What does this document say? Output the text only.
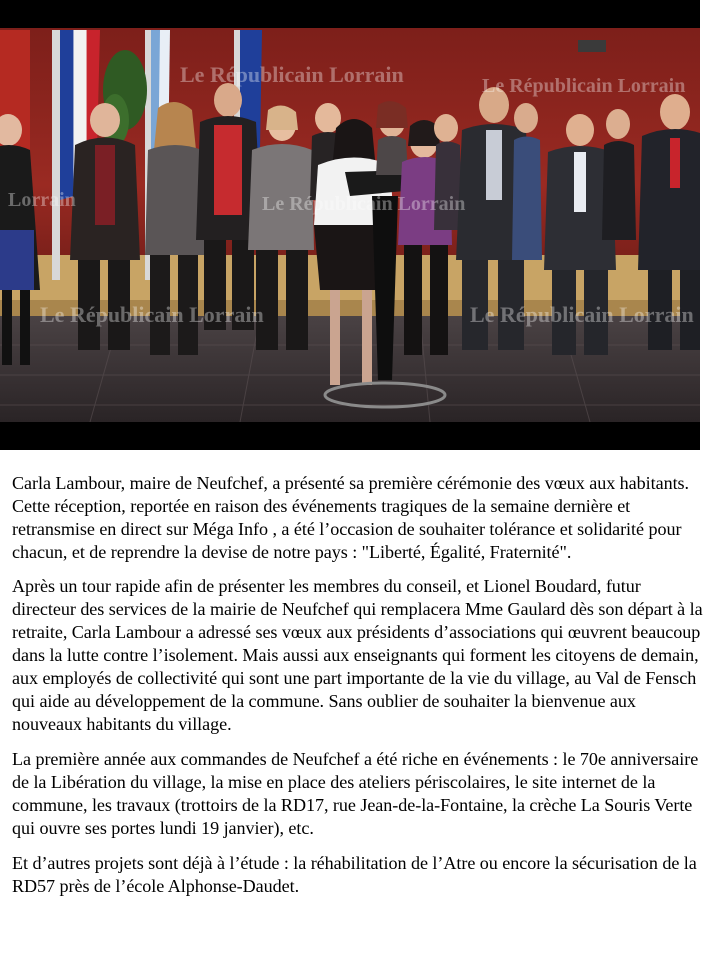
Le Républicain Lorrain	Le Républicain Lorrain
Lorrain	Le Républicain Lorrain
Le Républicain Lorrain	Le Républicain Lorrain

Carla Lambour, maire de Neufchef, a présenté sa première cérémonie des vœux aux habitants. Cette réception, reportée en raison des événements tragiques de la semaine dernière et retransmise en direct sur Méga Info , a été l’occasion de souhaiter tolérance et solidarité pour chacun, et de reprendre la devise de notre pays : "Liberté, Égalité, Fraternité".

Après un tour rapide afin de présenter les membres du conseil, et Lionel Boudard, futur directeur des services de la mairie de Neufchef qui remplacera Mme Gaulard dès son départ à la retraite, Carla Lambour a adressé ses vœux aux présidents d’associations qui œuvrent beaucoup dans la lutte contre l’isolement. Mais aussi aux enseignants qui forment les citoyens de demain, aux employés de collectivité qui sont une part importante de la vie du village, au Val de Fensch qui aide au développement de la commune. Sans oublier de souhaiter la bienvenue aux nouveaux habitants du village.

La première année aux commandes de Neufchef a été riche en événements : le 70e anniversaire de la Libération du village, la mise en place des ateliers périscolaires, le site internet de la commune, les travaux (trottoirs de la RD17, rue Jean-de-la-Fontaine, la crèche La Souris Verte qui ouvre ses portes lundi 19 janvier), etc.

Et d’autres projets sont déjà à l’étude : la réhabilitation de l’Atre ou encore la sécurisation de la RD57 près de l’école Alphonse-Daudet.
